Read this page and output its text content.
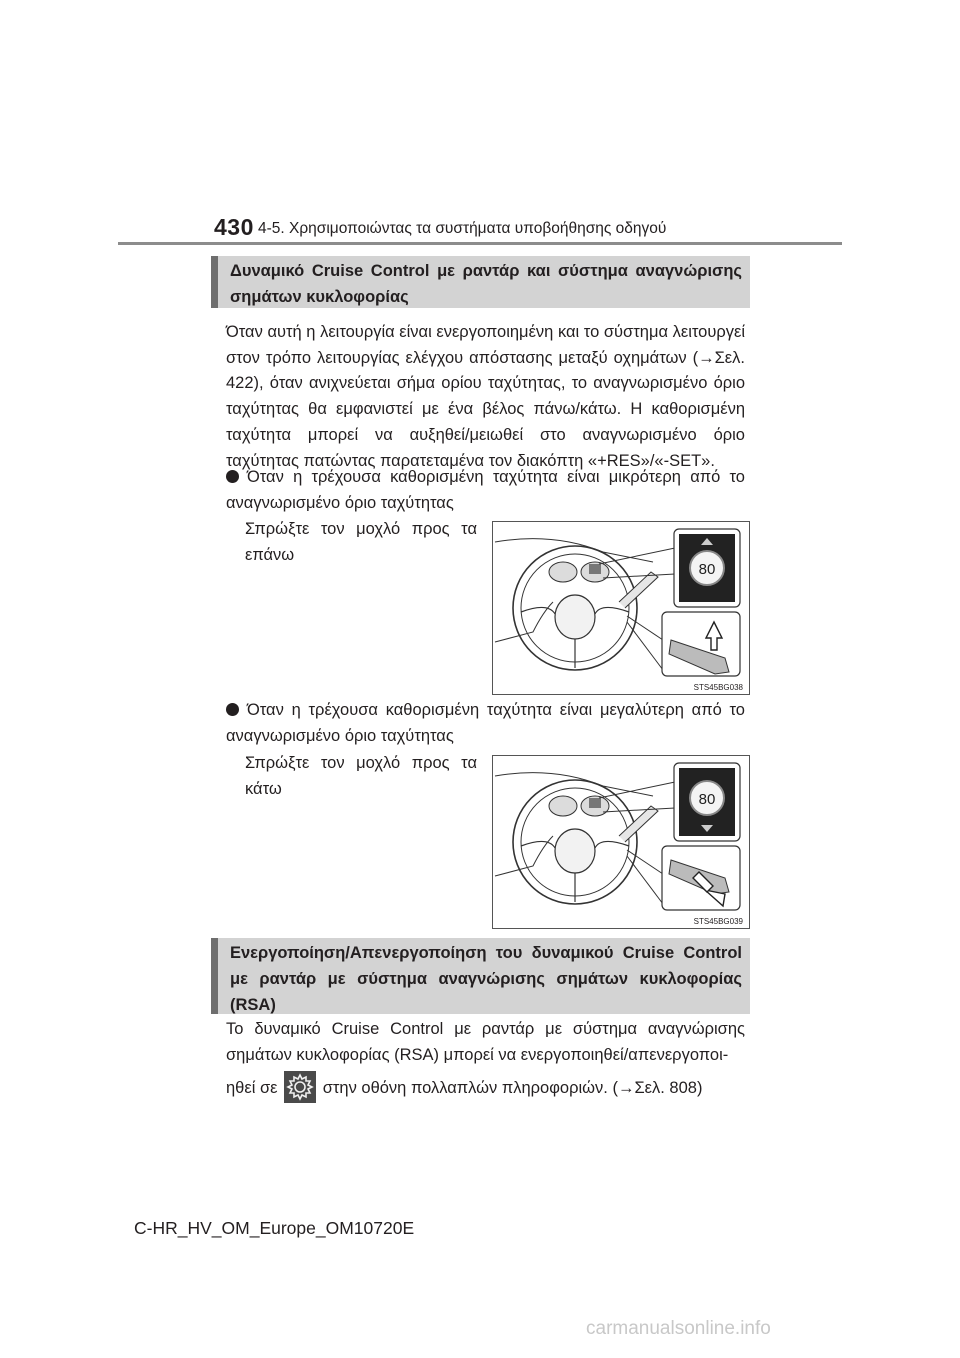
430 4-5. Χρησιμοποιώντας τα συστήματα υποβοήθησης οδηγού
Δυναμικό Cruise Control με ραντάρ και σύστημα αναγνώρισης σημάτων κυκλοφορίας
Όταν αυτή η λειτουργία είναι ενεργοποιημένη και το σύστημα λειτουργεί στον τρόπο λειτουργίας ελέγχου απόστασης μεταξύ οχημάτων (→Σελ. 422), όταν ανιχνεύεται σήμα ορίου ταχύτητας, το αναγνωρισμένο όριο ταχύτητας θα εμφανιστεί με ένα βέλος πάνω/κάτω. Η καθορισμένη ταχύτητα μπορεί να αυξηθεί/μειωθεί στο αναγνωρισμένο όριο ταχύτητας πατώντας παρατεταμένα τον διακόπτη «+RES»/«-SET».
Όταν η τρέχουσα καθορισμένη ταχύτητα είναι μικρότερη από το αναγνωρισμένο όριο ταχύτητας
Σπρώξτε τον μοχλό προς τα επάνω
80
STS45BG038
Όταν η τρέχουσα καθορισμένη ταχύτητα είναι μεγαλύτερη από το αναγνωρισμένο όριο ταχύτητας
Σπρώξτε τον μοχλό προς τα κάτω
80
STS45BG039
Ενεργοποίηση/Απενεργοποίηση του δυναμικού Cruise Control με ραντάρ με σύστημα αναγνώρισης σημάτων κυκλοφορίας (RSA)
Το δυναμικό Cruise Control με ραντάρ με σύστημα αναγνώρισης σημάτων κυκλοφορίας (RSA) μπορεί να ενεργοποιηθεί/απενεργοποι-
ηθεί σε	στην οθόνη πολλαπλών πληροφοριών. (→Σελ. 808)
C-HR_HV_OM_Europe_OM10720E
carmanualsonline.info
